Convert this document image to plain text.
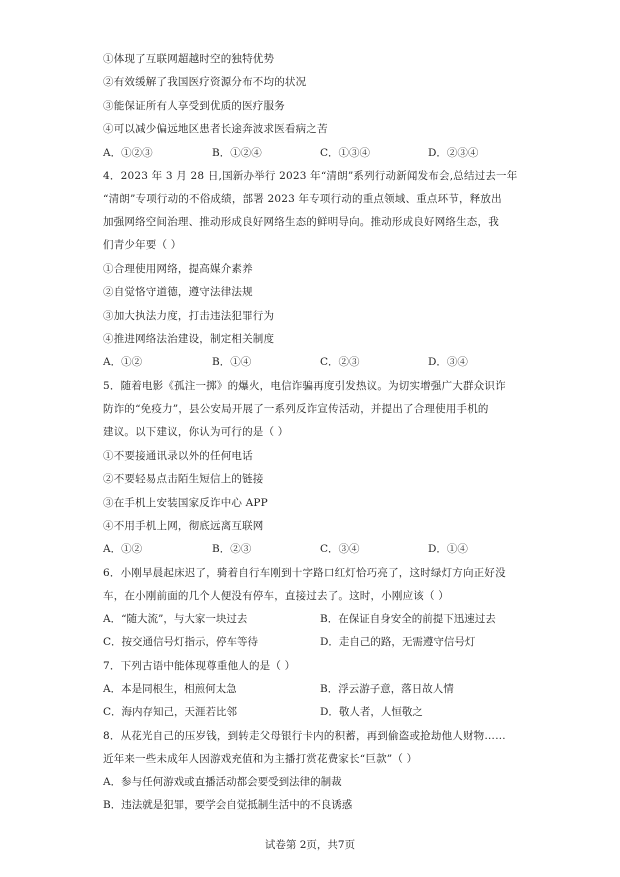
①体现了互联网超越时空的独特优势
②有效缓解了我国医疗资源分布不均的状况
③能保证所有人享受到优质的医疗服务
④可以减少偏远地区患者长途奔波求医看病之苦
A．①②③	B．①②④	C．①③④	D．②③④
4．2023 年 3 月 28 日,国新办举行 2023 年“清朗”系列行动新闻发布会,总结过去一年
“清朗”专项行动的不俗成绩，部署 2023 年专项行动的重点领域、重点环节，释放出
加强网络空间治理、推动形成良好网络生态的鲜明导向。推动形成良好网络生态，我
们青少年要（ ）
①合理使用网络，提高媒介素养
②自觉恪守道德，遵守法律法规
③加大执法力度，打击违法犯罪行为
④推进网络法治建设，制定相关制度
A．①②	B．①④	C．②③	D．③④
5．随着电影《孤注一掷》的爆火，电信诈骗再度引发热议。为切实增强广大群众识诈
防诈的“免疫力”，县公安局开展了一系列反诈宣传活动，并提出了合理使用手机的
建议。以下建议，你认为可行的是（ ）
①不要接通讯录以外的任何电话
②不要轻易点击陌生短信上的链接
③在手机上安装国家反诈中心 APP
④不用手机上网，彻底远离互联网
A．①②	B．②③	C．③④	D．①④
6．小刚早晨起床迟了，骑着自行车刚到十字路口红灯恰巧亮了，这时绿灯方向正好没
车，在小刚前面的几个人便没有停车，直接过去了。这时，小刚应该（ ）
A．“随大流”，与大家一块过去	B．在保证自身安全的前提下迅速过去
C．按交通信号灯指示，停车等待	D．走自己的路，无需遵守信号灯
7．下列古语中能体现尊重他人的是（ ）
A．本是同根生，相煎何太急	B．浮云游子意，落日故人情
C．海内存知己，天涯若比邻	D．敬人者，人恒敬之
8．从花光自己的压岁钱，到转走父母银行卡内的积蓄，再到偷盗或抢劫他人财物……
近年来一些未成年人因游戏充值和为主播打赏花费家长“巨款”（ ）
A．参与任何游戏或直播活动都会要受到法律的制裁
B．违法就是犯罪，要学会自觉抵制生活中的不良诱惑
试卷第 2页，共7页
